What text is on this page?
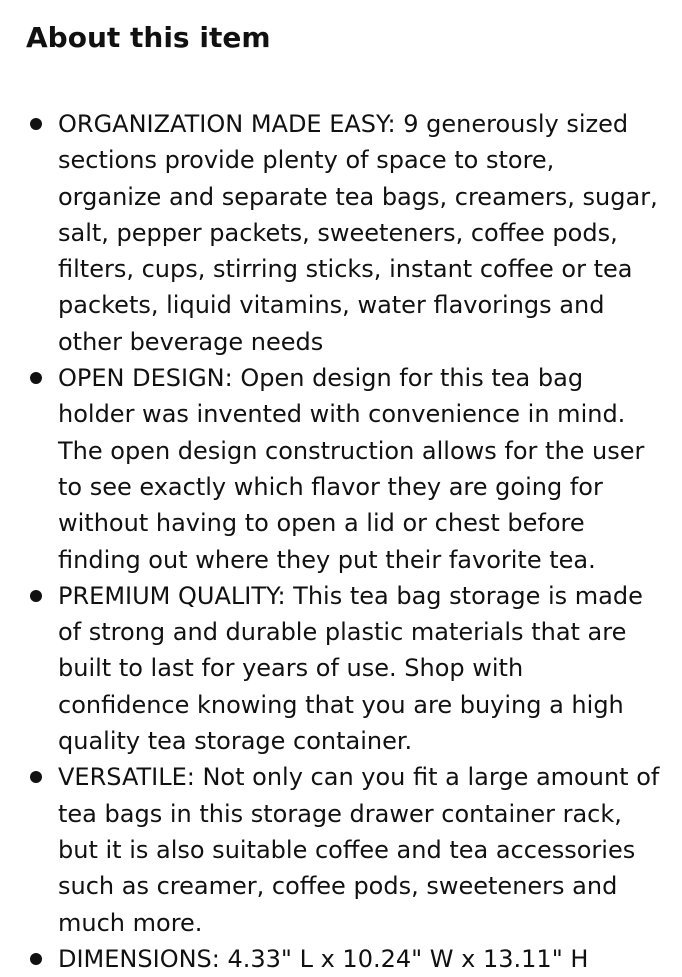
About this item
ORGANIZATION MADE EASY: 9 generously sized sections provide plenty of space to store, organize and separate tea bags, creamers, sugar, salt, pepper packets, sweeteners, coffee pods, filters, cups, stirring sticks, instant coffee or tea packets, liquid vitamins, water flavorings and other beverage needs
OPEN DESIGN: Open design for this tea bag holder was invented with convenience in mind. The open design construction allows for the user to see exactly which flavor they are going for without having to open a lid or chest before finding out where they put their favorite tea.
PREMIUM QUALITY: This tea bag storage is made of strong and durable plastic materials that are built to last for years of use. Shop with confidence knowing that you are buying a high quality tea storage container.
VERSATILE: Not only can you fit a large amount of tea bags in this storage drawer container rack, but it is also suitable coffee and tea accessories such as creamer, coffee pods, sweeteners and much more.
DIMENSIONS: 4.33" L x 10.24" W x 13.11" H
